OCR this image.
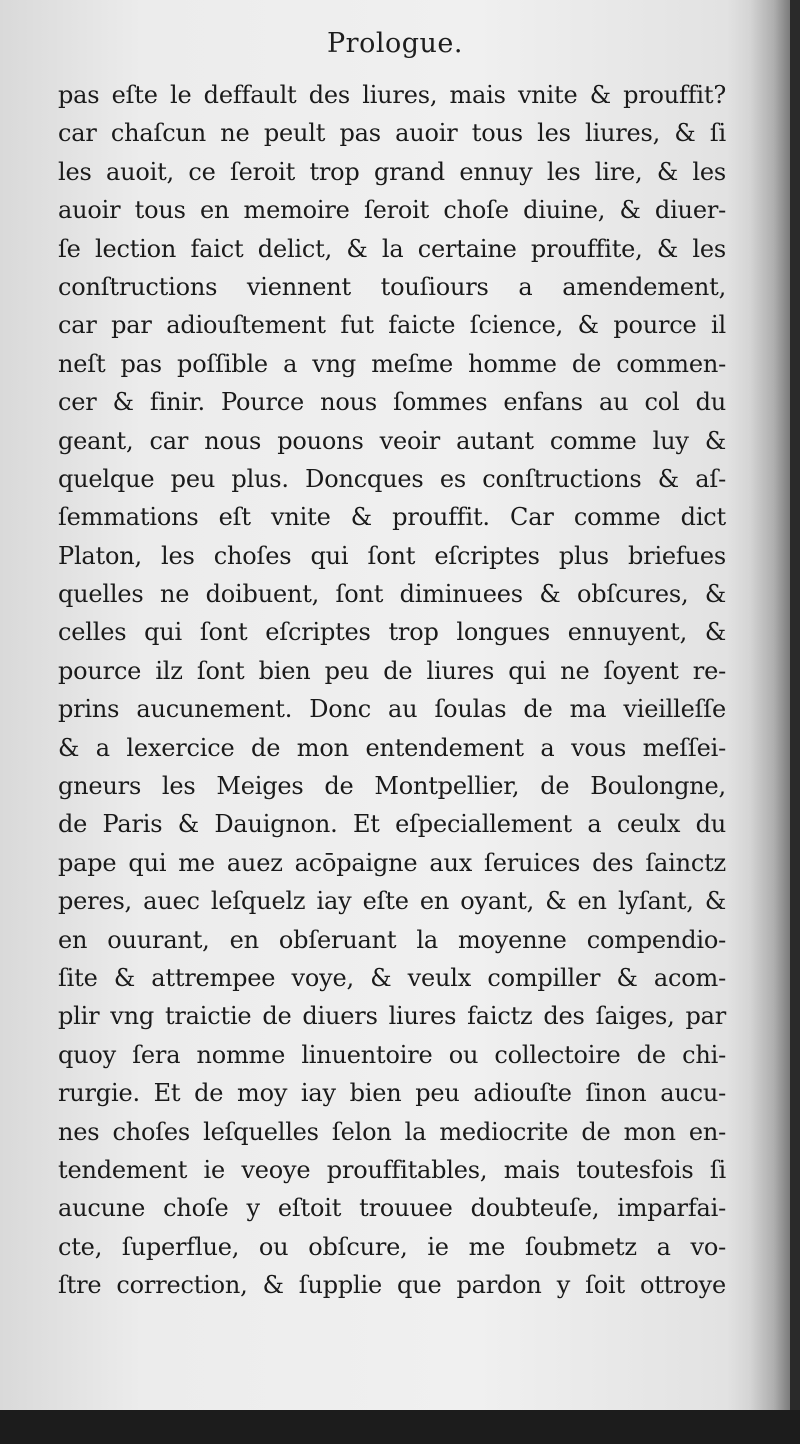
Prologue.
pas eſte le deffault des liures, mais vnite & prouffit?
car chaſcun ne peult pas auoir tous les liures, & ſi
les auoit, ce ſeroit trop grand ennuy les lire, & les
auoir tous en memoire ſeroit choſe diuine, & diuer-
ſe lection faict delict, & la certaine prouffite, & les
conſtructions viennent touſiours a amendement,
car par adiouſtement fut faicte ſcience, & pource il
neſt pas poſſible a vng meſme homme de commen-
cer & finir. Pource nous ſommes enfans au col du
geant, car nous pouons veoir autant comme luy &
quelque peu plus. Doncques es conſtructions & aſ-
ſemmations eſt vnite & prouffit. Car comme dict
Platon, les choſes qui ſont eſcriptes plus briefues
quelles ne doibuent, ſont diminuees & obſcures, &
celles qui ſont eſcriptes trop longues ennuyent, &
pource ilz ſont bien peu de liures qui ne ſoyent re-
prins aucunement. Donc au ſoulas de ma vieilleſſe
& a lexercice de mon entendement a vous meſſei-
gneurs les Meiges de Montpellier, de Boulongne,
de Paris & Dauignon. Et eſpeciallement a ceulx du
pape qui me auez acōpaigne aux ſeruices des ſainctz
peres, auec leſquelz iay eſte en oyant, & en lyſant, &
en ouurant, en obſeruant la moyenne compendio-
ſite & attrempee voye, & veulx compiller & acom-
plir vng traictie de diuers liures faictz des ſaiges, par
quoy ſera nomme linuentoire ou collectoire de chi-
rurgie. Et de moy iay bien peu adiouſte ſinon aucu-
nes choſes leſquelles ſelon la mediocrite de mon en-
tendement ie veoye prouffitables, mais toutesfois ſi
aucune choſe y eſtoit trouuee doubteuſe, imparfai-
cte, ſuperflue, ou obſcure, ie me ſoubmetz a vo-
ſtre correction, & ſupplie que pardon y ſoit ottroye
